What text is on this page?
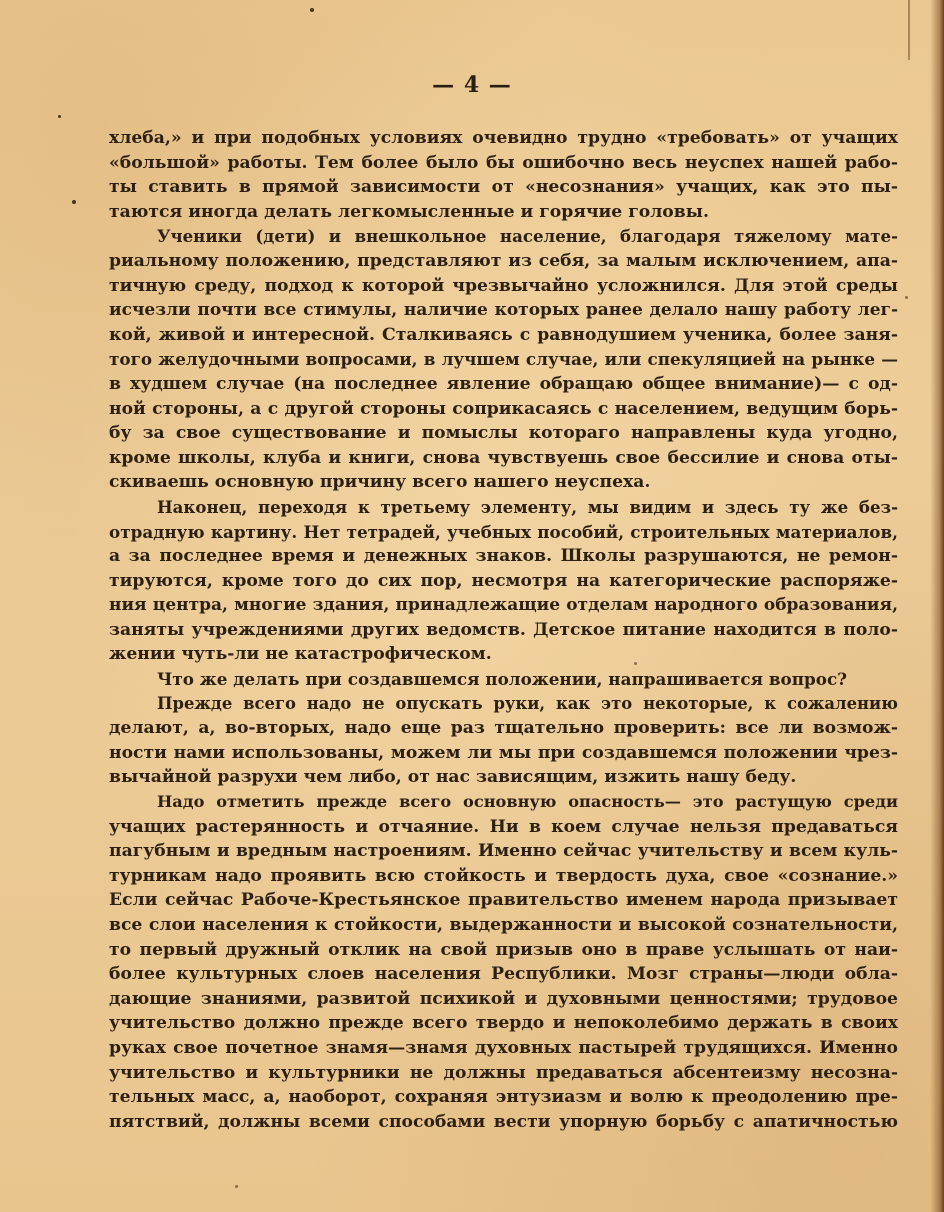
— 4 —
хлеба,» и при подобных условиях очевидно трудно «требовать» от учащих
«большой» работы. Тем более было бы ошибочно весь неуспех нашей рабо-
ты ставить в прямой зависимости от «несознания» учащих, как это пы-
таются иногда делать легкомысленные и горячие головы.
Ученики (дети) и внешкольное население, благодаря тяжелому мате-
риальному положению, представляют из себя, за малым исключением, апа-
тичную среду, подход к которой чрезвычайно усложнился. Для этой среды
исчезли почти все стимулы, наличие которых ранее делало нашу работу лег-
кой, живой и интересной. Сталкиваясь с равнодушием ученика, более заня-
того желудочными вопросами, в лучшем случае, или спекуляцией на рынке —
в худшем случае (на последнее явление обращаю общее внимание)— с од-
ной стороны, а с другой стороны соприкасаясь с населением, ведущим борь-
бу за свое существование и помыслы котораго направлены куда угодно,
кроме школы, клуба и книги, снова чувствуешь свое бессилие и снова оты-
скиваешь основную причину всего нашего неуспеха.
Наконец, переходя к третьему элементу, мы видим и здесь ту же без-
отрадную картину. Нет тетрадей, учебных пособий, строительных материалов,
а за последнее время и денежных знаков. Школы разрушаются, не ремон-
тируются, кроме того до сих пор, несмотря на категорические распоряже-
ния центра, многие здания, принадлежащие отделам народного образования,
заняты учреждениями других ведомств. Детское питание находится в поло-
жении чуть-ли не катастрофическом.
Что же делать при создавшемся положении, напрашивается вопрос?
Прежде всего надо не опускать руки, как это некоторые, к сожалению
делают, а, во-вторых, надо еще раз тщательно проверить: все ли возмож-
ности нами использованы, можем ли мы при создавшемся положении чрез-
вычайной разрухи чем либо, от нас зависящим, изжить нашу беду.
Надо отметить прежде всего основную опасность— это растущую среди
учащих растерянность и отчаяние. Ни в коем случае нельзя предаваться
пагубным и вредным настроениям. Именно сейчас учительству и всем куль-
турникам надо проявить всю стойкость и твердость духа, свое «сознание.»
Если сейчас Рабоче-Крестьянское правительство именем народа призывает
все слои населения к стойкости, выдержанности и высокой сознательности,
то первый дружный отклик на свой призыв оно в праве услышать от наи-
более культурных слоев населения Республики. Мозг страны—люди обла-
дающие знаниями, развитой психикой и духовными ценностями; трудовое
учительство должно прежде всего твердо и непоколебимо держать в своих
руках свое почетное знамя—знамя духовных пастырей трудящихся. Именно
учительство и культурники не должны предаваться абсентеизму несозна-
тельных масс, а, наоборот, сохраняя энтузиазм и волю к преодолению пре-
пятствий, должны всеми способами вести упорную борьбу с апатичностью
